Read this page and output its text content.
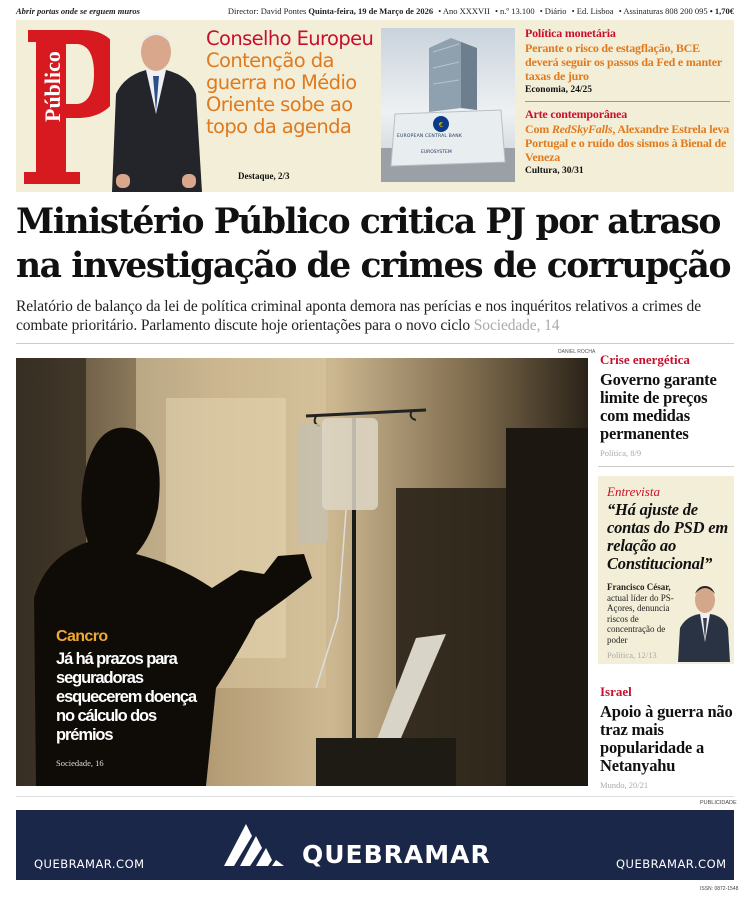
Abrir portas onde se erguem muros	Director: David Pontes Quinta-feira, 19 de Março de 2026 • Ano XXXVII • n.º 13.100 • Diário • Ed. Lisboa • Assinaturas 808 200 095 • 1,70€
Público
Conselho Europeu
Contenção da guerra no Médio Oriente sobe ao topo da agenda
Destaque, 2/3
€
EUROPEAN CENTRAL BANK
EUROSYSTEM
Política monetária
Perante o risco de estagflação, BCE deverá seguir os passos da Fed e manter taxas de juro
Economia, 24/25
Arte contemporânea
Com RedSkyFalls, Alexandre Estrela leva Portugal e o ruído dos sismos à Bienal de Veneza
Cultura, 30/31
Ministério Público critica PJ por atraso na investigação de crimes de corrupção

Relatório de balanço da lei de política criminal aponta demora nas perícias e nos inquéritos relativos a crimes de combate prioritário. Parlamento discute hoje orientações para o novo ciclo Sociedade, 14

DANIEL ROCHA
Cancro
Já há prazos para seguradoras esquecerem doença no cálculo dos prémios
Sociedade, 16
Crise energética
Governo garante limite de preços com medidas permanentes
Política, 8/9
Entrevista
“Há ajuste de contas do PSD em relação ao Constitucional”
Francisco César, actual líder do PS-Açores, denuncia riscos de concentração de poder
Política, 12/13
Israel
Apoio à guerra não traz mais popularidade a Netanyahu
Mundo, 20/21
PUBLICIDADE
QUEBRAMAR
QUEBRAMAR.COM	QUEBRAMAR.COM
ISSN: 0872-1548
